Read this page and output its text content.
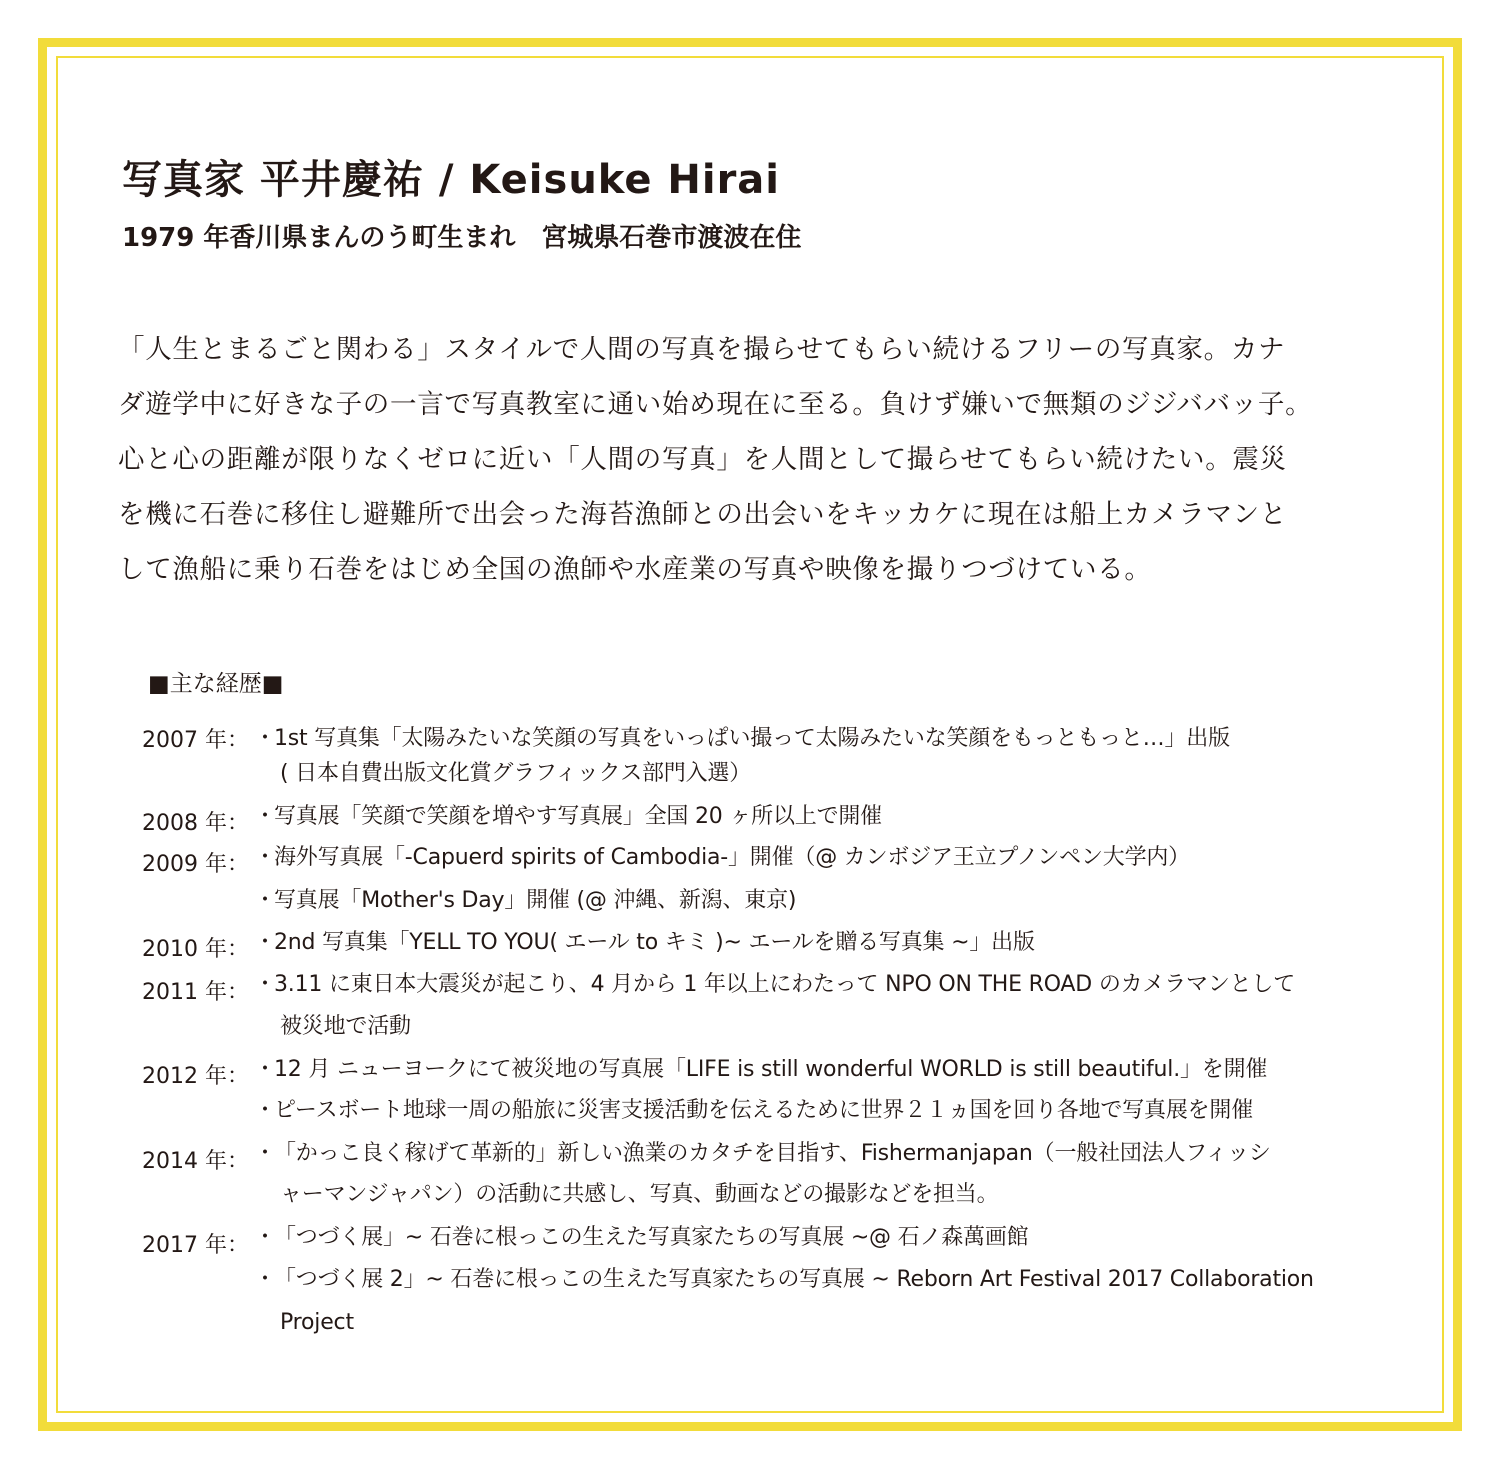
写真家 平井慶祐 / Keisuke Hirai
1979 年香川県まんのう町生まれ　宮城県石巻市渡波在住

「人生とまるごと関わる」スタイルで人間の写真を撮らせてもらい続けるフリーの写真家。カナ

ダ遊学中に好きな子の一言で写真教室に通い始め現在に至る。負けず嫌いで無類のジジババッ子。

心と心の距離が限りなくゼロに近い「人間の写真」を人間として撮らせてもらい続けたい。震災

を機に石巻に移住し避難所で出会った海苔漁師との出会いをキッカケに現在は船上カメラマンと

して漁船に乗り石巻をはじめ全国の漁師や水産業の写真や映像を撮りつづけている。

■主な経歴■
2007 年： ・1st 写真集「太陽みたいな笑顔の写真をいっぱい撮って太陽みたいな笑顔をもっともっと…」出版
( 日本自費出版文化賞グラフィックス部門入選）
2008 年： ・写真展「笑顔で笑顔を増やす写真展」全国 20 ヶ所以上で開催
2009 年： ・海外写真展「-Capuerd spirits of Cambodia-」開催（@ カンボジア王立プノンペン大学内）
・写真展「Mother's Day」開催 (@ 沖縄、新潟、東京)
2010 年： ・2nd 写真集「YELL TO YOU( エール to キミ )~ エールを贈る写真集 ~」出版
2011 年： ・3.11 に東日本大震災が起こり、4 月から 1 年以上にわたって NPO ON THE ROAD のカメラマンとして
被災地で活動
2012 年： ・12 月 ニューヨークにて被災地の写真展「LIFE is still wonderful WORLD is still beautiful.」を開催
・ピースボート地球一周の船旅に災害支援活動を伝えるために世界２１ヵ国を回り各地で写真展を開催
2014 年： ・「かっこ良く稼げて革新的」新しい漁業のカタチを目指す、Fishermanjapan（一般社団法人フィッシ
ャーマンジャパン）の活動に共感し、写真、動画などの撮影などを担当。
2017 年： ・「つづく展」~ 石巻に根っこの生えた写真家たちの写真展 ~@ 石ノ森萬画館
・「つづく展 2」~ 石巻に根っこの生えた写真家たちの写真展 ~ Reborn Art Festival 2017 Collaboration
Project
